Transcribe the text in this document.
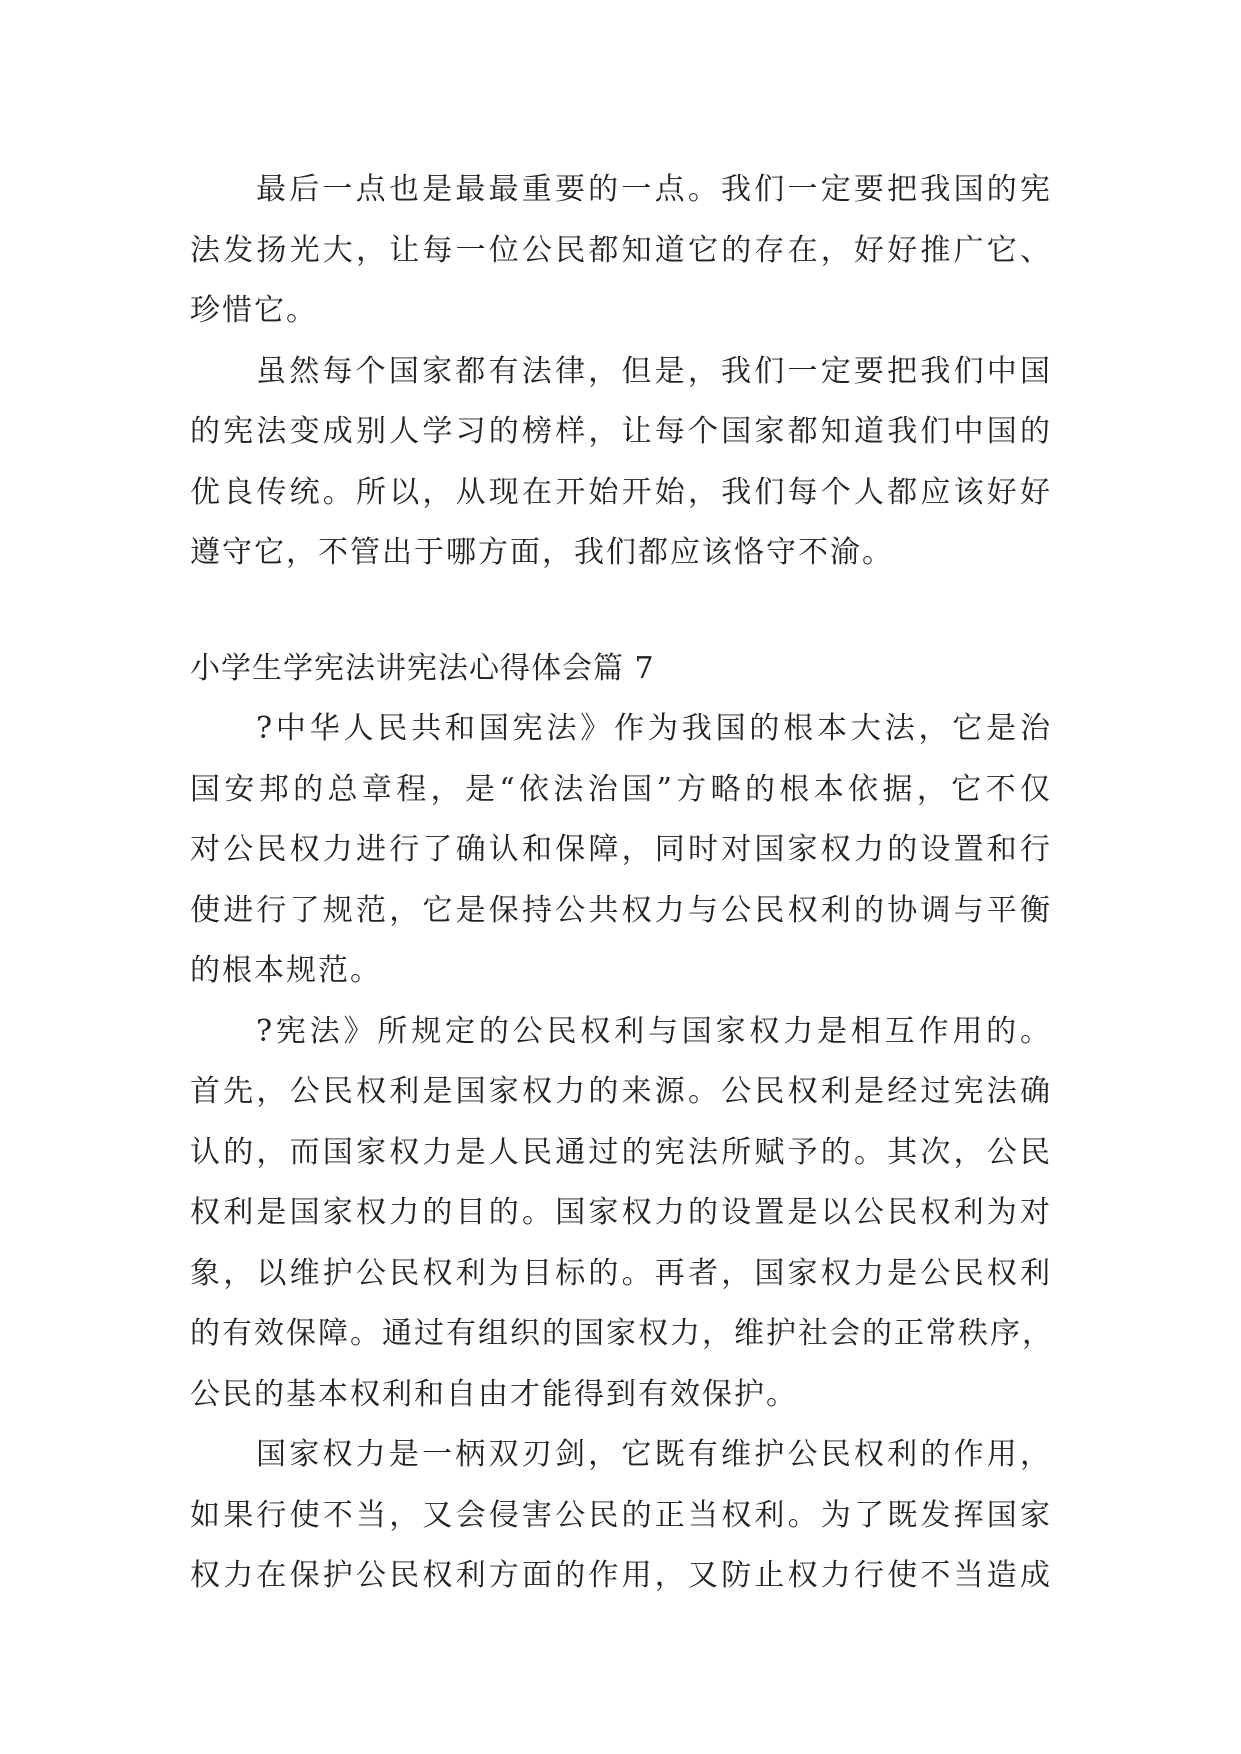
最后一点也是最最重要的一点。我们一定要把我国的宪
法发扬光大，让每一位公民都知道它的存在，好好推广它、
珍惜它。
虽然每个国家都有法律，但是，我们一定要把我们中国
的宪法变成别人学习的榜样，让每个国家都知道我们中国的
优良传统。所以，从现在开始开始，我们每个人都应该好好
遵守它，不管出于哪方面，我们都应该恪守不渝。
小学生学宪法讲宪法心得体会篇 7
?中华人民共和国宪法》作为我国的根本大法，它是治
国安邦的总章程，是“依法治国”方略的根本依据，它不仅
对公民权力进行了确认和保障，同时对国家权力的设置和行
使进行了规范，它是保持公共权力与公民权利的协调与平衡
的根本规范。
?宪法》所规定的公民权利与国家权力是相互作用的。
首先，公民权利是国家权力的来源。公民权利是经过宪法确
认的，而国家权力是人民通过的宪法所赋予的。其次，公民
权利是国家权力的目的。国家权力的设置是以公民权利为对
象，以维护公民权利为目标的。再者，国家权力是公民权利
的有效保障。通过有组织的国家权力，维护社会的正常秩序，
公民的基本权利和自由才能得到有效保护。
国家权力是一柄双刃剑，它既有维护公民权利的作用，
如果行使不当，又会侵害公民的正当权利。为了既发挥国家
权力在保护公民权利方面的作用，又防止权力行使不当造成
